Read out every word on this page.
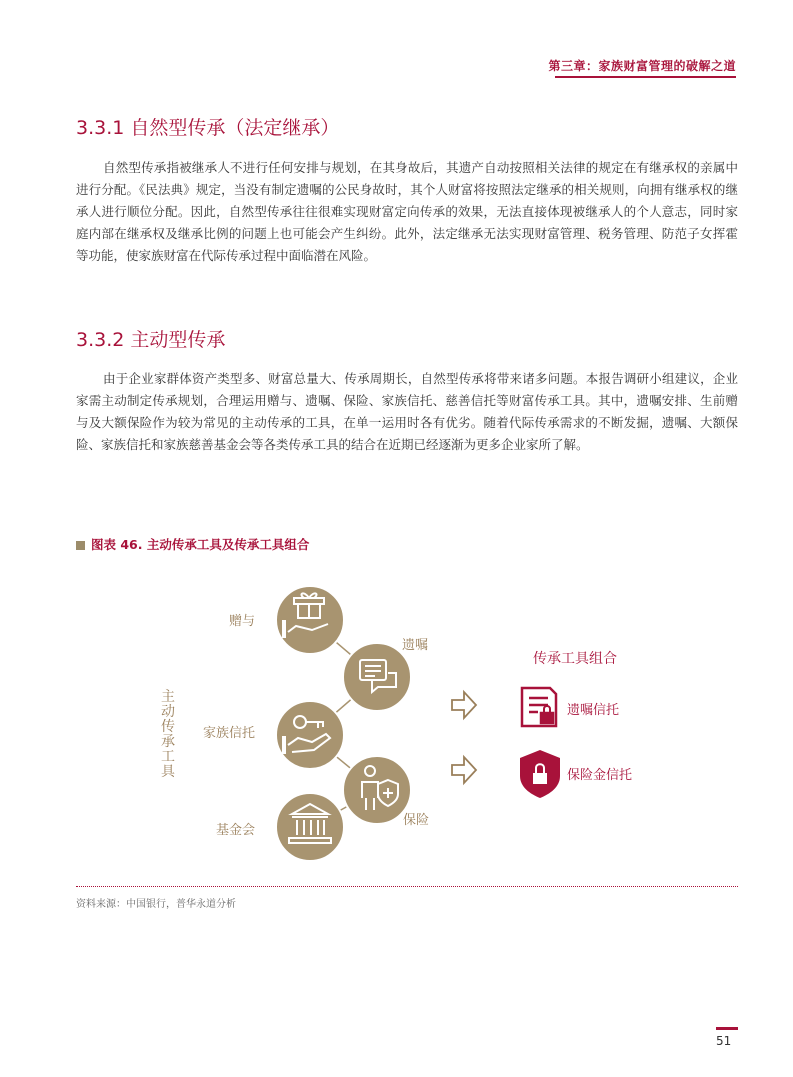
第三章：家族财富管理的破解之道
3.3.1 自然型传承（法定继承）
自然型传承指被继承人不进行任何安排与规划，在其身故后，其遗产自动按照相关法律的规定在有继承权的亲属中进行分配。《民法典》规定，当没有制定遗嘱的公民身故时，其个人财富将按照法定继承的相关规则，向拥有继承权的继承人进行顺位分配。因此，自然型传承往往很难实现财富定向传承的效果，无法直接体现被继承人的个人意志，同时家庭内部在继承权及继承比例的问题上也可能会产生纠纷。此外，法定继承无法实现财富管理、税务管理、防范子女挥霍等功能，使家族财富在代际传承过程中面临潜在风险。
3.3.2 主动型传承
由于企业家群体资产类型多、财富总量大、传承周期长，自然型传承将带来诸多问题。本报告调研小组建议，企业家需主动制定传承规划，合理运用赠与、遗嘱、保险、家族信托、慈善信托等财富传承工具。其中，遗嘱安排、生前赠与及大额保险作为较为常见的主动传承的工具，在单一运用时各有优劣。随着代际传承需求的不断发掘，遗嘱、大额保险、家族信托和家族慈善基金会等各类传承工具的结合在近期已经逐渐为更多企业家所了解。
图表 46. 主动传承工具及传承工具组合
赠与
遗嘱
家族信托
保险
基金会
主动传承工具
传承工具组合
遗嘱信托
保险金信托
资料来源：中国银行，普华永道分析
51
